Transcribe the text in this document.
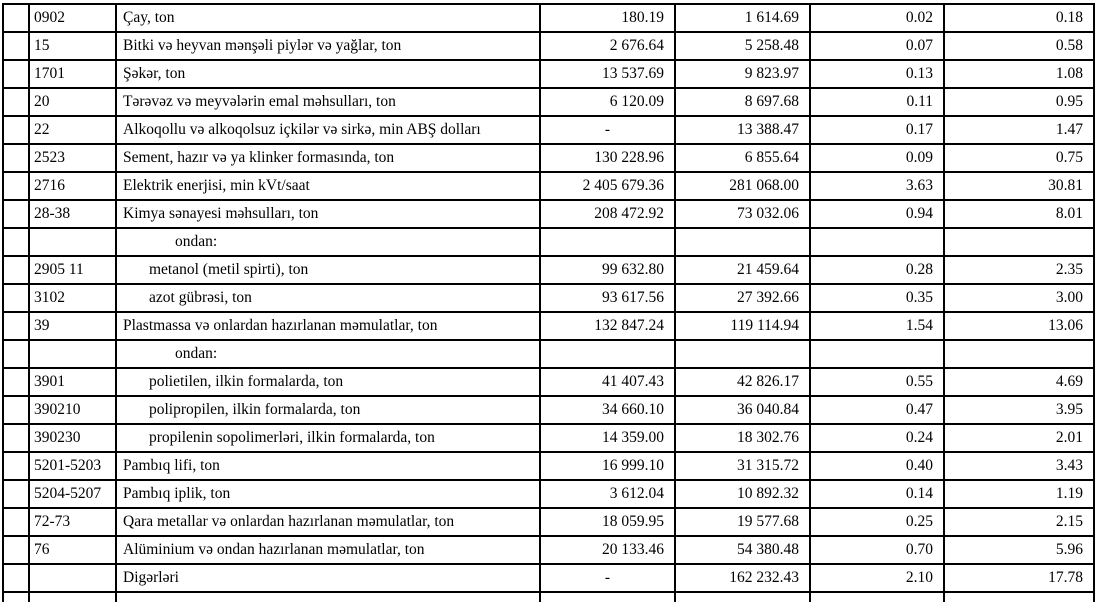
	0902	Çay, ton	180.19	1 614.69	0.02	0.18
	15	Bitki və heyvan mənşəli piylər və yağlar, ton	2 676.64	5 258.48	0.07	0.58
	1701	Şəkər, ton	13 537.69	9 823.97	0.13	1.08
	20	Tərəvəz və meyvələrin emal məhsulları, ton	6 120.09	8 697.68	0.11	0.95
	22	Alkoqollu və alkoqolsuz içkilər və sirkə, min ABŞ dolları	-	13 388.47	0.17	1.47
	2523	Sement, hazır və ya klinker formasında, ton	130 228.96	6 855.64	0.09	0.75
	2716	Elektrik enerjisi, min kVt/saat	2 405 679.36	281 068.00	3.63	30.81
	28-38	Kimya sənayesi məhsulları, ton	208 472.92	73 032.06	0.94	8.01
		ondan:				
	2905 11	metanol (metil spirti), ton	99 632.80	21 459.64	0.28	2.35
	3102	azot gübrəsi, ton	93 617.56	27 392.66	0.35	3.00
	39	Plastmassa və onlardan hazırlanan məmulatlar, ton	132 847.24	119 114.94	1.54	13.06
		ondan:				
	3901	polietilen, ilkin formalarda, ton	41 407.43	42 826.17	0.55	4.69
	390210	polipropilen, ilkin formalarda, ton	34 660.10	36 040.84	0.47	3.95
	390230	propilenin sopolimerləri, ilkin formalarda, ton	14 359.00	18 302.76	0.24	2.01
	5201-5203	Pambıq lifi, ton	16 999.10	31 315.72	0.40	3.43
	5204-5207	Pambıq iplik, ton	3 612.04	10 892.32	0.14	1.19
	72-73	Qara metallar və onlardan hazırlanan məmulatlar, ton	18 059.95	19 577.68	0.25	2.15
	76	Alüminium və ondan hazırlanan məmulatlar, ton	20 133.46	54 380.48	0.70	5.96
		Digərləri	-	162 232.43	2.10	17.78
